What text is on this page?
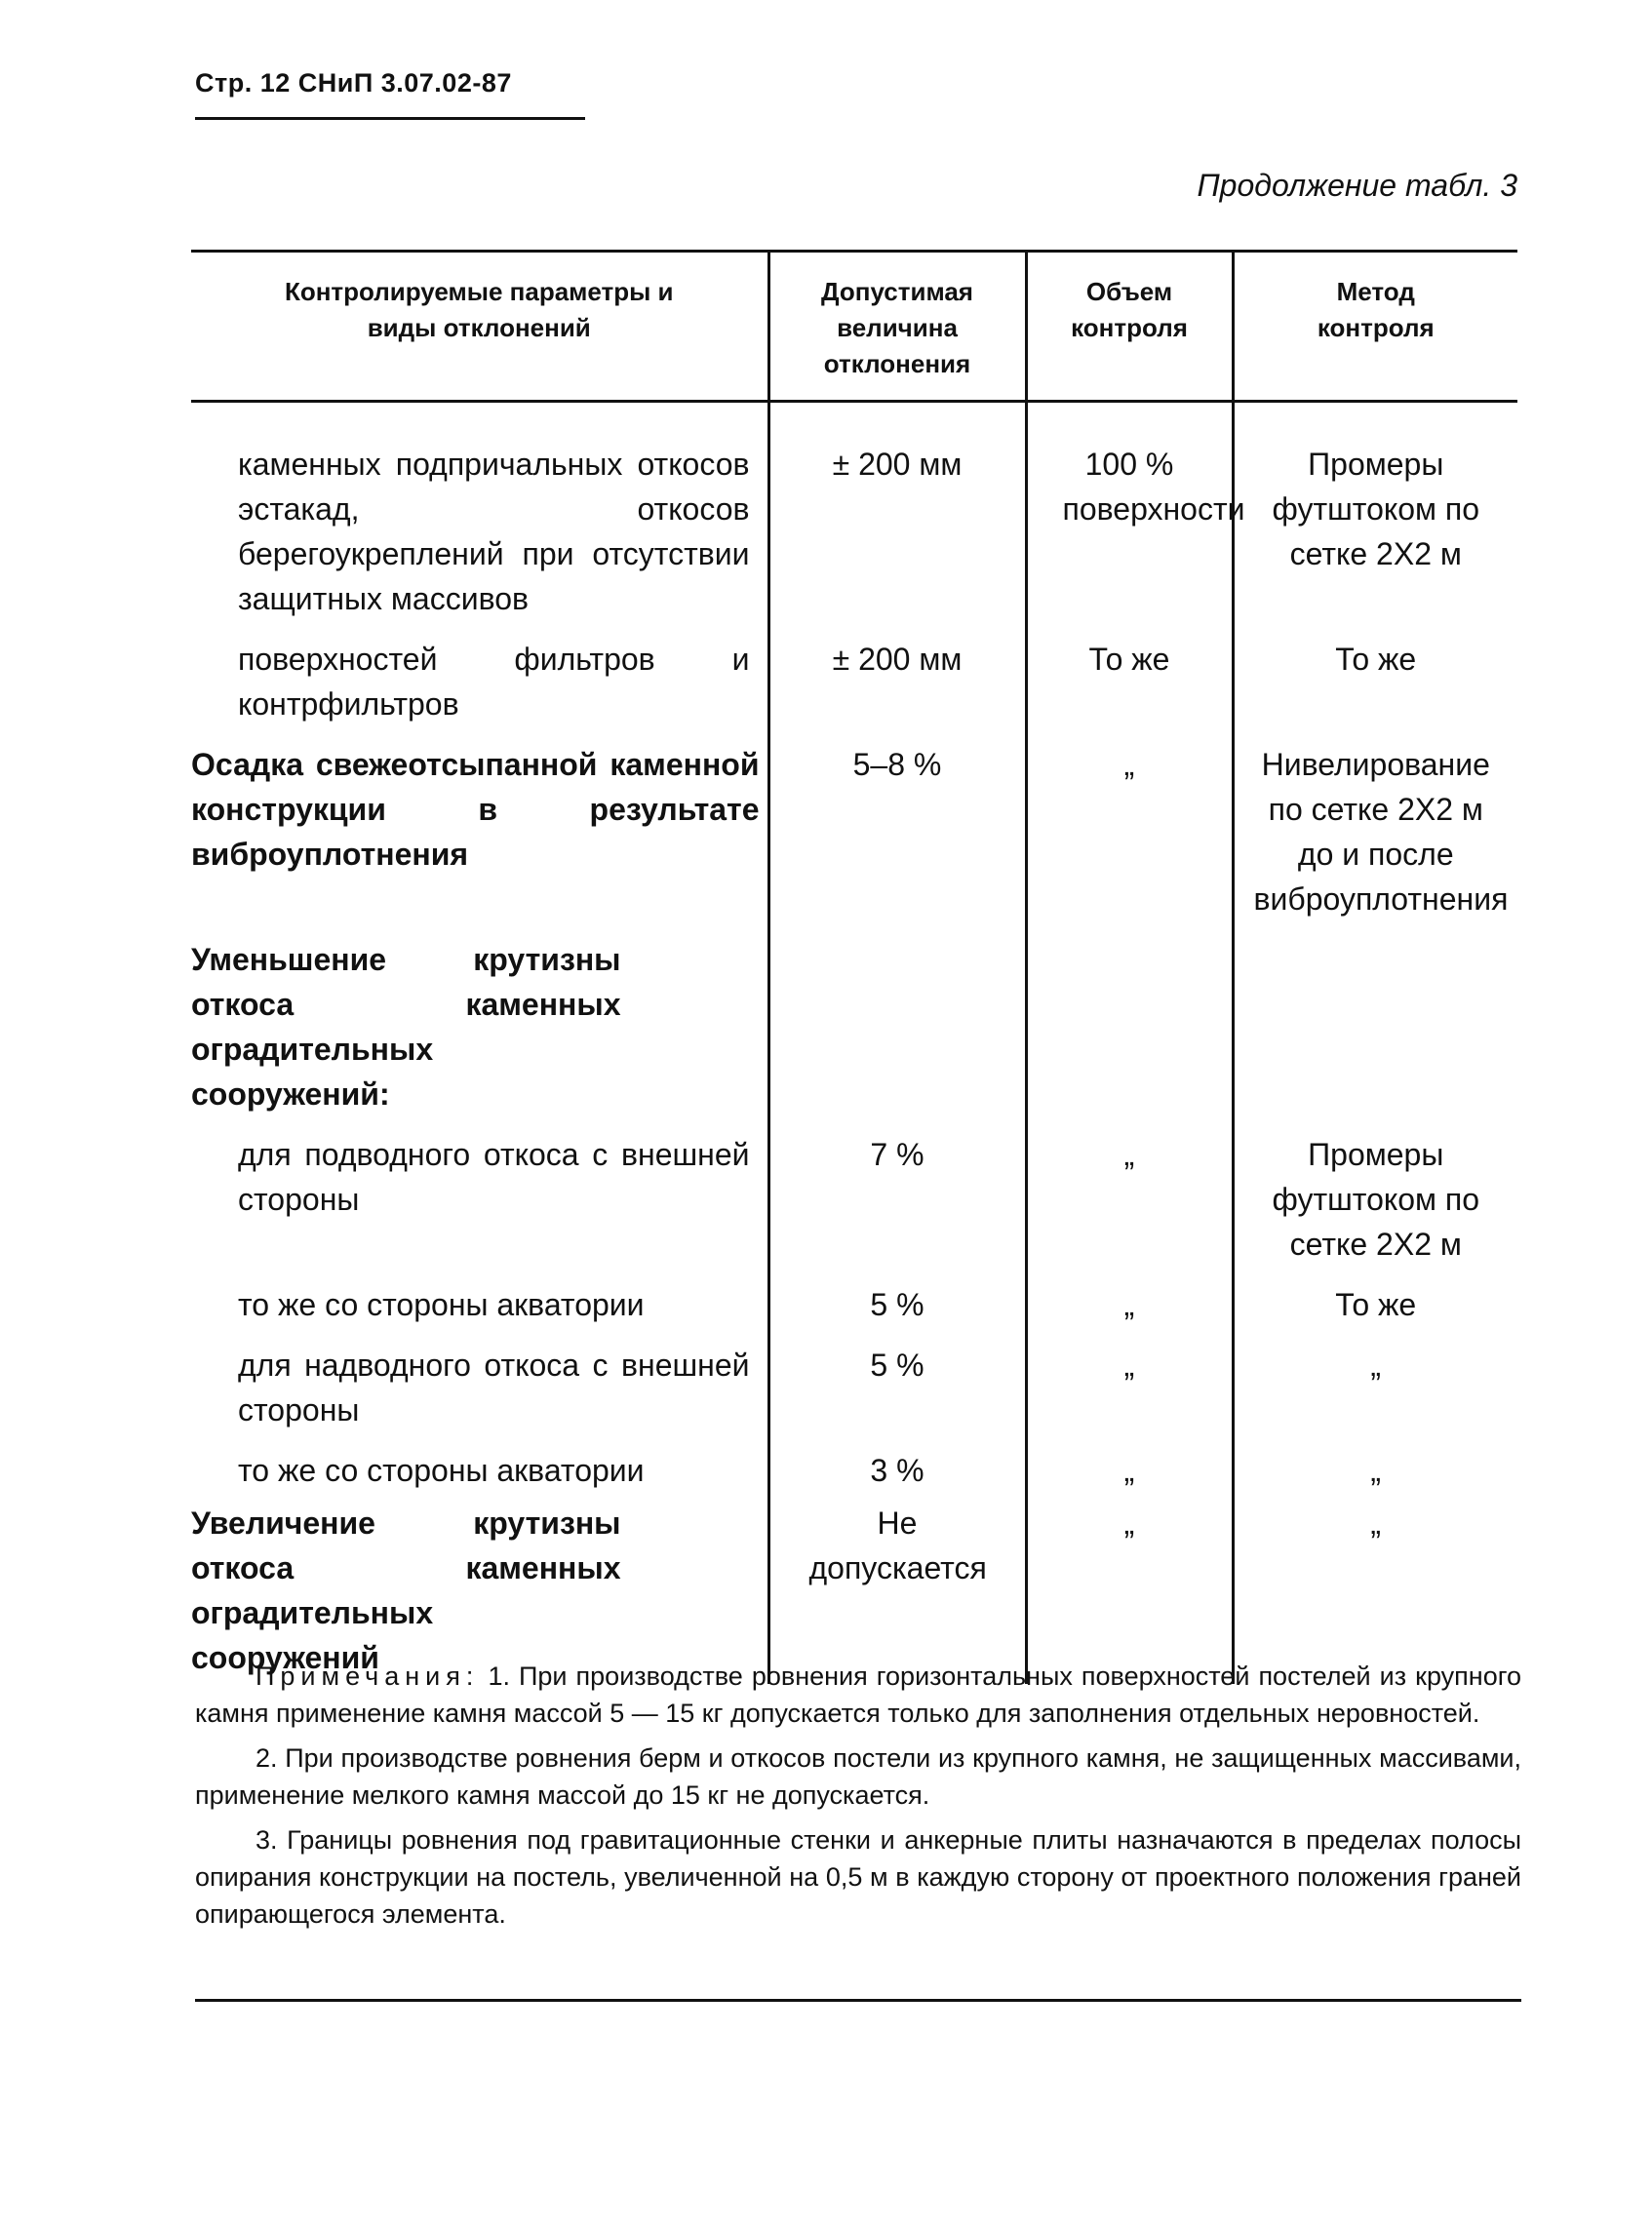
Стр. 12 СНиП 3.07.02-87
Продолжение табл. 3
Контролируемые параметры и виды отклонений	Допустимая величина отклонения	Объем контроля	Метод контроля
каменных подпричальных откосов эстакад, откосов берегоукреплений при отсутствии защитных массивов	± 200 мм	100 % поверхности	Промеры футштоком по сетке 2X2 м
поверхностей фильтров и контрфильтров	± 200 мм	То же	То же
Осадка свежеотсыпанной каменной конструкции в результате виброуплотнения	5–8 %	„	Нивелирование по сетке 2X2 м до и после виброуплотнения
Уменьшение крутизны откоса каменных оградительных сооружений:			
для подводного откоса с внешней стороны	7 %	„	Промеры футштоком по сетке 2X2 м
то же со стороны акватории	5 %	„	То же
для надводного откоса с внешней стороны	5 %	„	„
то же со стороны акватории	3 %	„	„
Увеличение крутизны откоса каменных оградительных сооружений	Не допускается	„	„

Примечания: 1. При производстве ровнения горизонтальных поверхностей постелей из крупного камня применение камня массой 5 — 15 кг допускается только для заполнения отдельных неровностей.

2. При производстве ровнения берм и откосов постели из крупного камня, не защищенных массивами, применение мелкого камня массой до 15 кг не допускается.

3. Границы ровнения под гравитационные стенки и анкерные плиты назначаются в пределах полосы опирания конструкции на постель, увеличенной на 0,5 м в каждую сторону от проектного положения граней опирающегося элемента.
